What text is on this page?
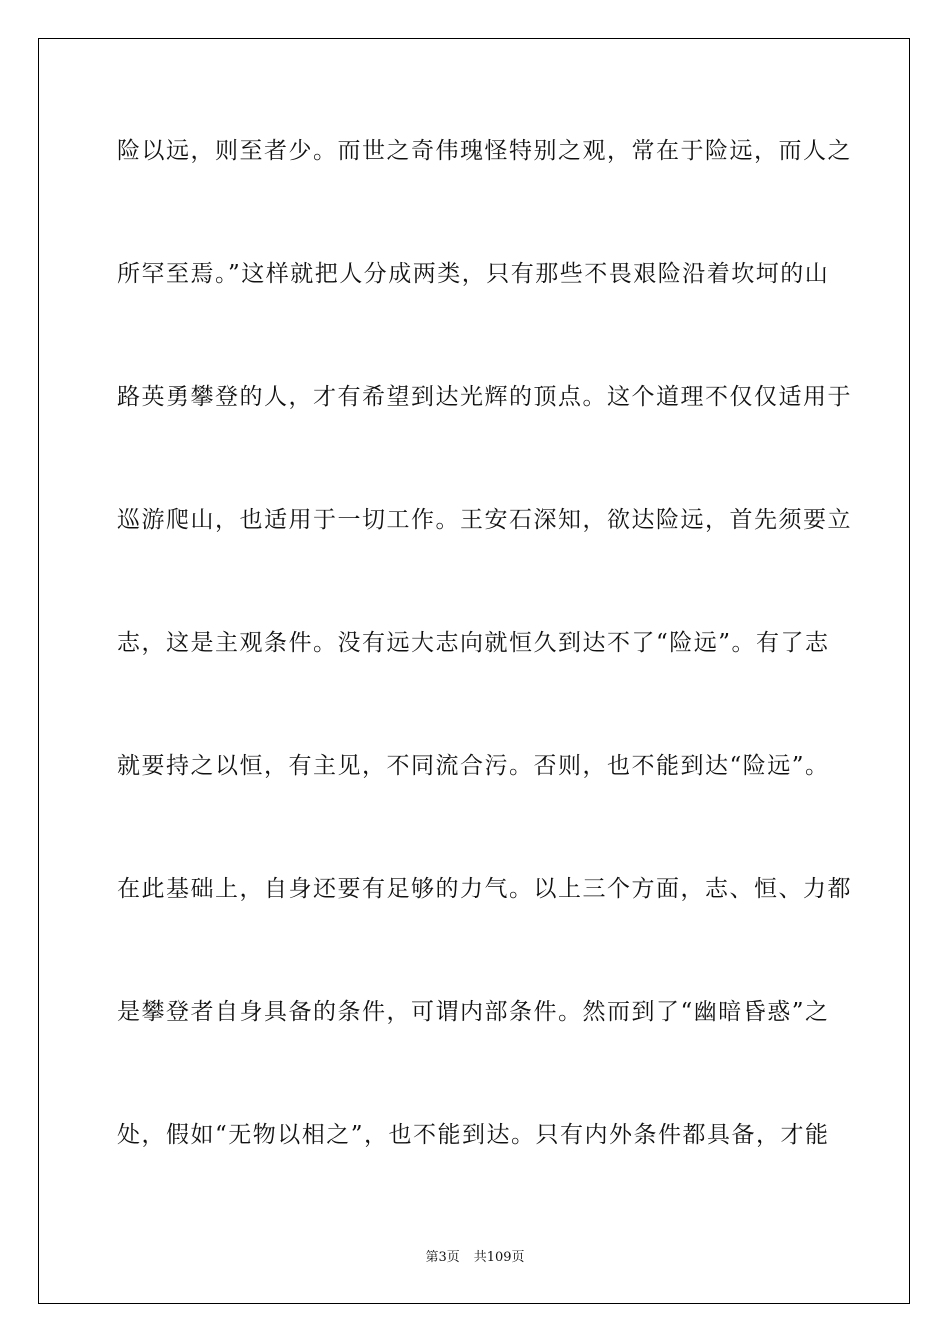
险以远，则至者少。而世之奇伟瑰怪特别之观，常在于险远，而人之
所罕至焉。”这样就把人分成两类，只有那些不畏艰险沿着坎坷的山
路英勇攀登的人，才有希望到达光辉的顶点。这个道理不仅仅适用于
巡游爬山，也适用于一切工作。王安石深知，欲达险远，首先须要立
志，这是主观条件。没有远大志向就恒久到达不了“险远”。有了志
就要持之以恒，有主见，不同流合污。否则，也不能到达“险远”。
在此基础上，自身还要有足够的力气。以上三个方面，志、恒、力都
是攀登者自身具备的条件，可谓内部条件。然而到了“幽暗昏惑”之
处，假如“无物以相之”，也不能到达。只有内外条件都具备，才能
第3页 共109页
